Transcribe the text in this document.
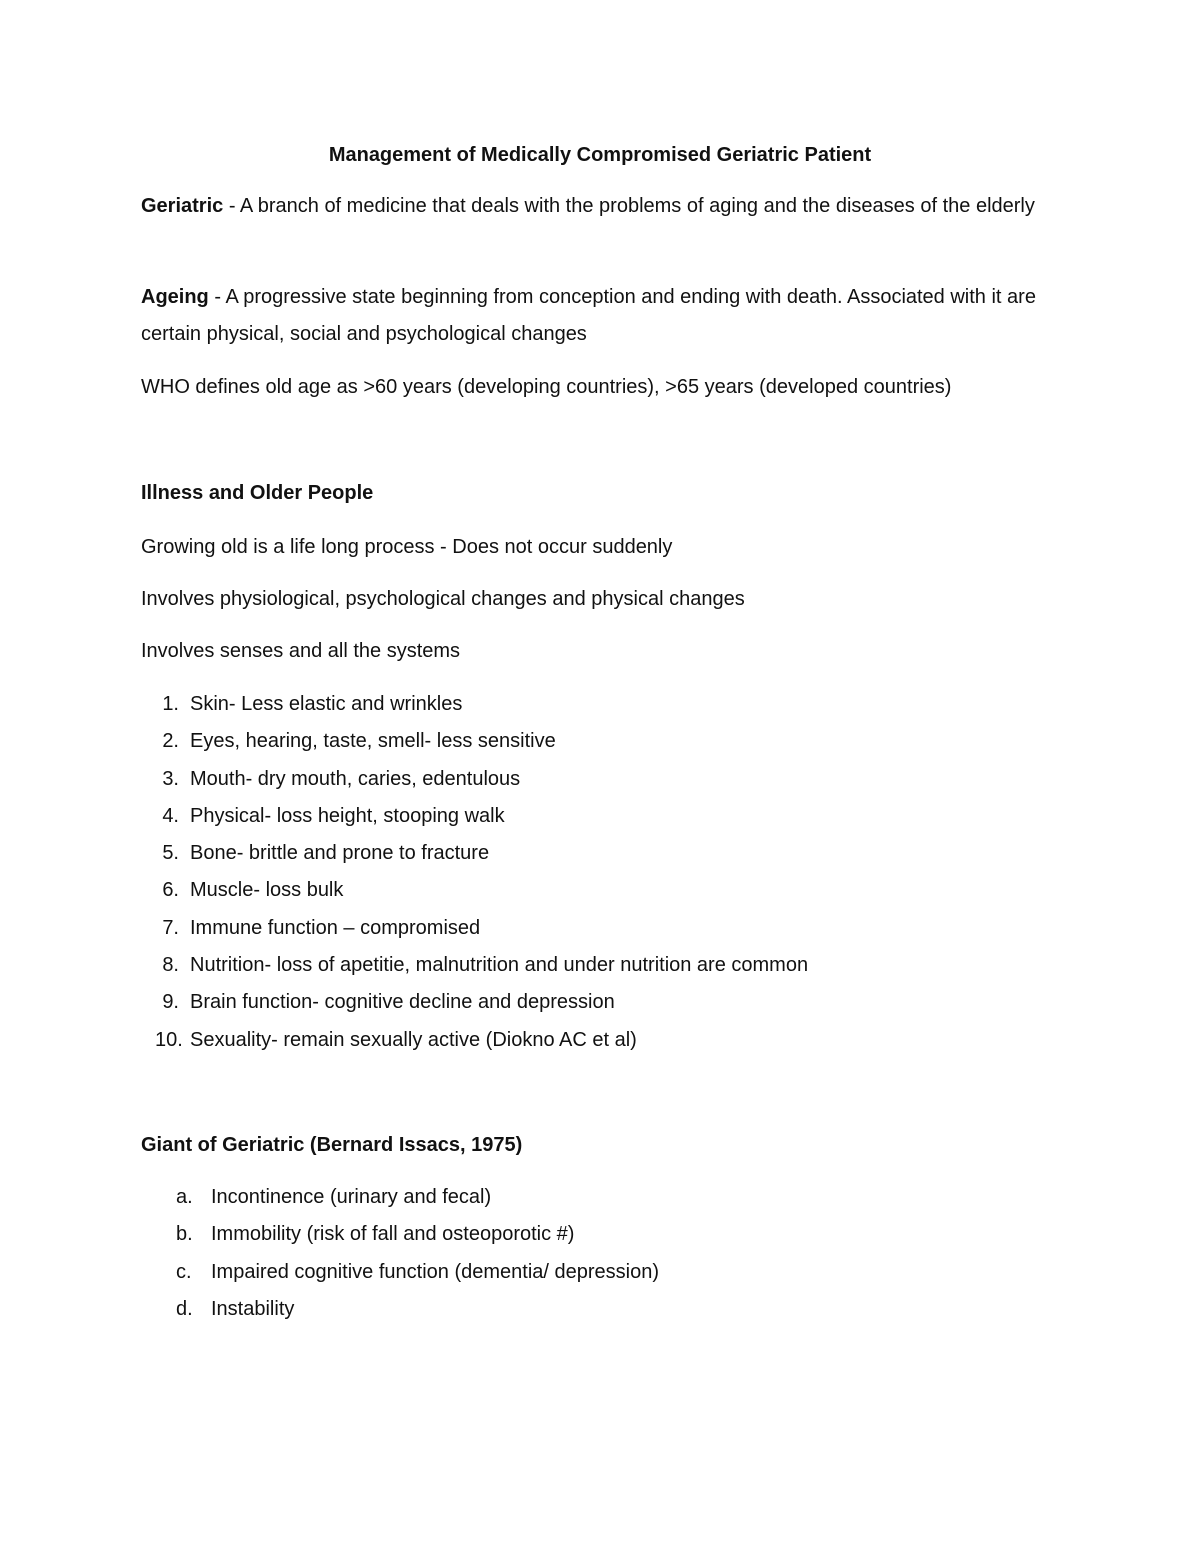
Management of Medically Compromised Geriatric Patient
Geriatric - A branch of medicine that deals with the problems of aging and the diseases of the elderly
Ageing - A progressive state beginning from conception and ending with death. Associated with it are certain physical, social and psychological changes
WHO defines old age as >60 years (developing countries), >65 years (developed countries)
Illness and Older People
Growing old is a life long process - Does not occur suddenly
Involves physiological, psychological changes and physical changes
Involves senses and all the systems
1. Skin- Less elastic and wrinkles
2. Eyes, hearing, taste, smell- less sensitive
3. Mouth- dry mouth, caries, edentulous
4. Physical- loss height, stooping walk
5. Bone- brittle and prone to fracture
6. Muscle- loss bulk
7. Immune function – compromised
8. Nutrition- loss of apetitie, malnutrition and under nutrition are common
9. Brain function- cognitive decline and depression
10. Sexuality- remain sexually active (Diokno AC et al)
Giant of Geriatric (Bernard Issacs, 1975)
a. Incontinence (urinary and fecal)
b. Immobility (risk of fall and osteoporotic #)
c. Impaired cognitive function (dementia/ depression)
d. Instability
